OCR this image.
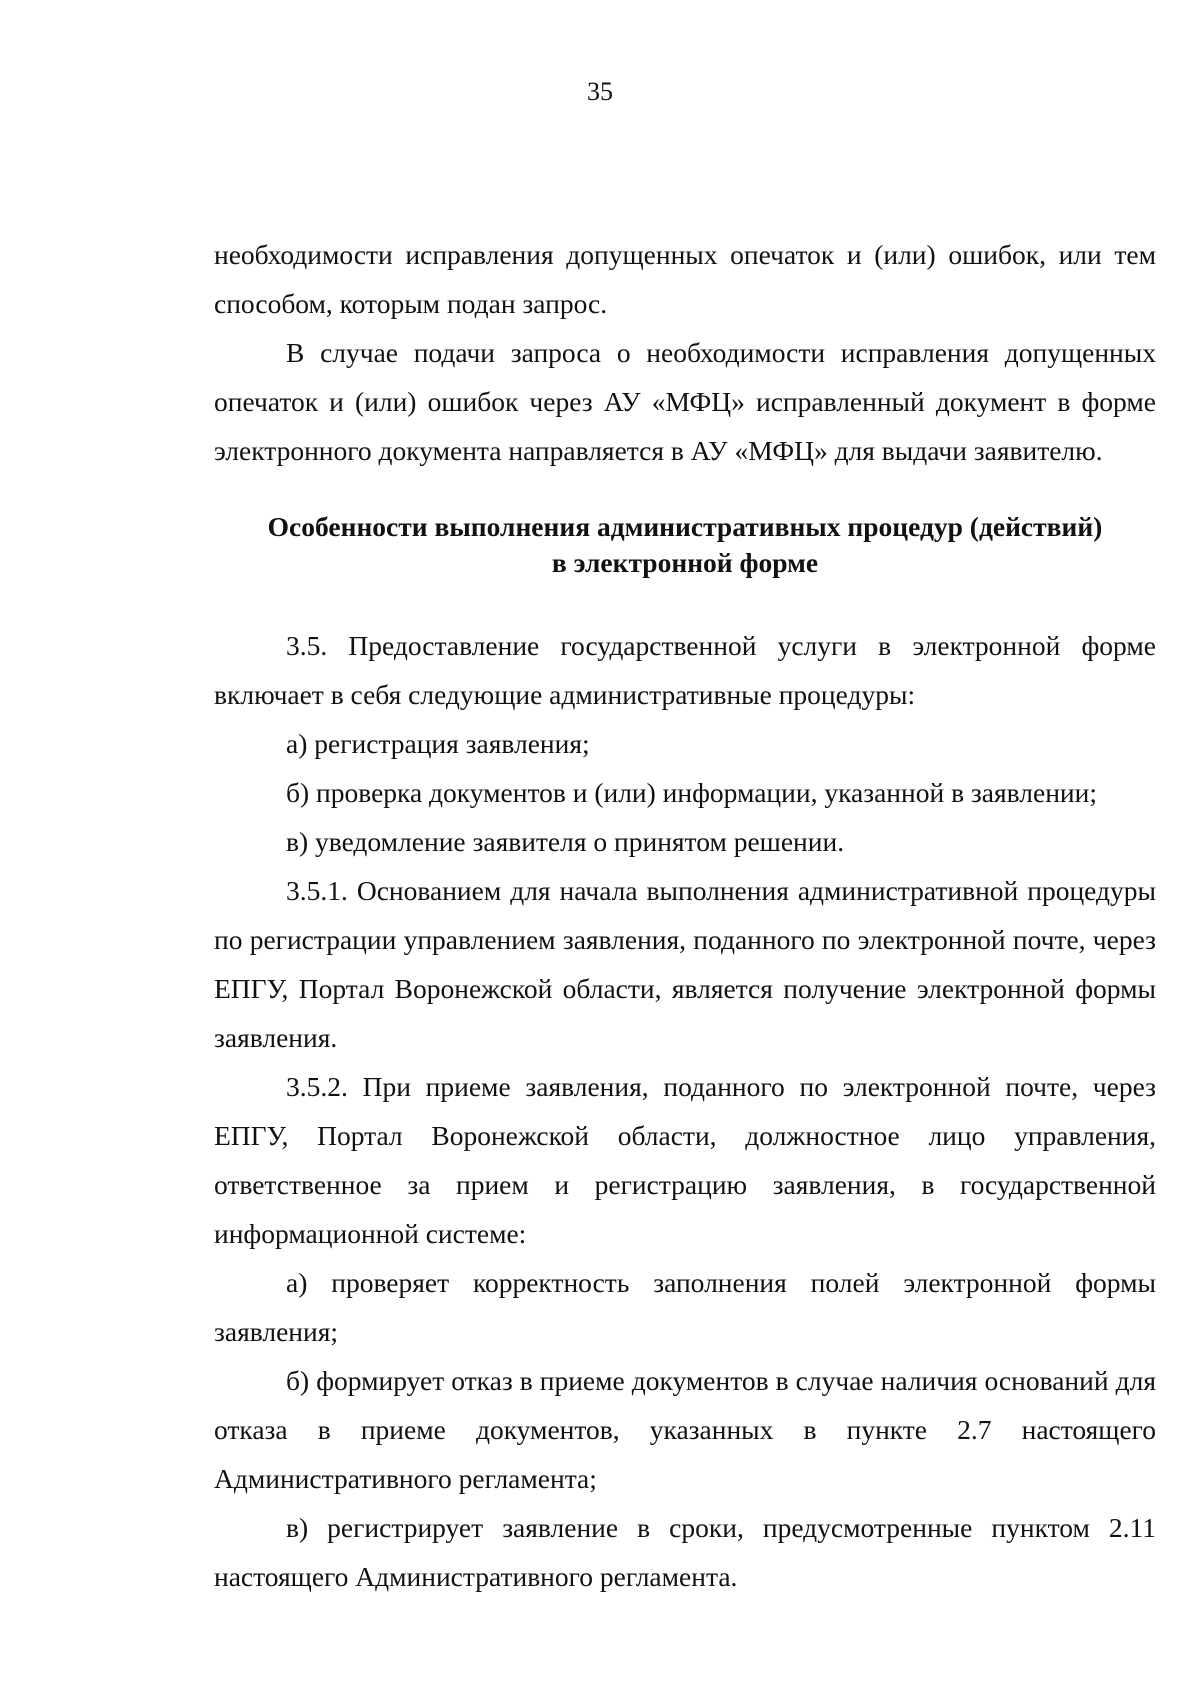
35

необходимости исправления допущенных опечаток и (или) ошибок, или тем способом, которым подан запрос.

В случае подачи запроса о необходимости исправления допущенных опечаток и (или) ошибок через АУ «МФЦ» исправленный документ в форме электронного документа направляется в АУ «МФЦ» для выдачи заявителю.

Особенности выполнения административных процедур (действий)
в электронной форме

3.5. Предоставление государственной услуги в электронной форме включает в себя следующие административные процедуры:

а) регистрация заявления;

б) проверка документов и (или) информации, указанной в заявлении;

в) уведомление заявителя о принятом решении.

3.5.1. Основанием для начала выполнения административной процедуры по регистрации управлением заявления, поданного по электронной почте, через ЕПГУ, Портал Воронежской области, является получение электронной формы заявления.

3.5.2. При приеме заявления, поданного по электронной почте, через ЕПГУ, Портал Воронежской области, должностное лицо управления, ответственное за прием и регистрацию заявления, в государственной информационной системе:

а) проверяет корректность заполнения полей электронной формы заявления;

б) формирует отказ в приеме документов в случае наличия оснований для отказа в приеме документов, указанных в пункте 2.7 настоящего Административного регламента;

в) регистрирует заявление в сроки, предусмотренные пунктом 2.11 настоящего Административного регламента.
